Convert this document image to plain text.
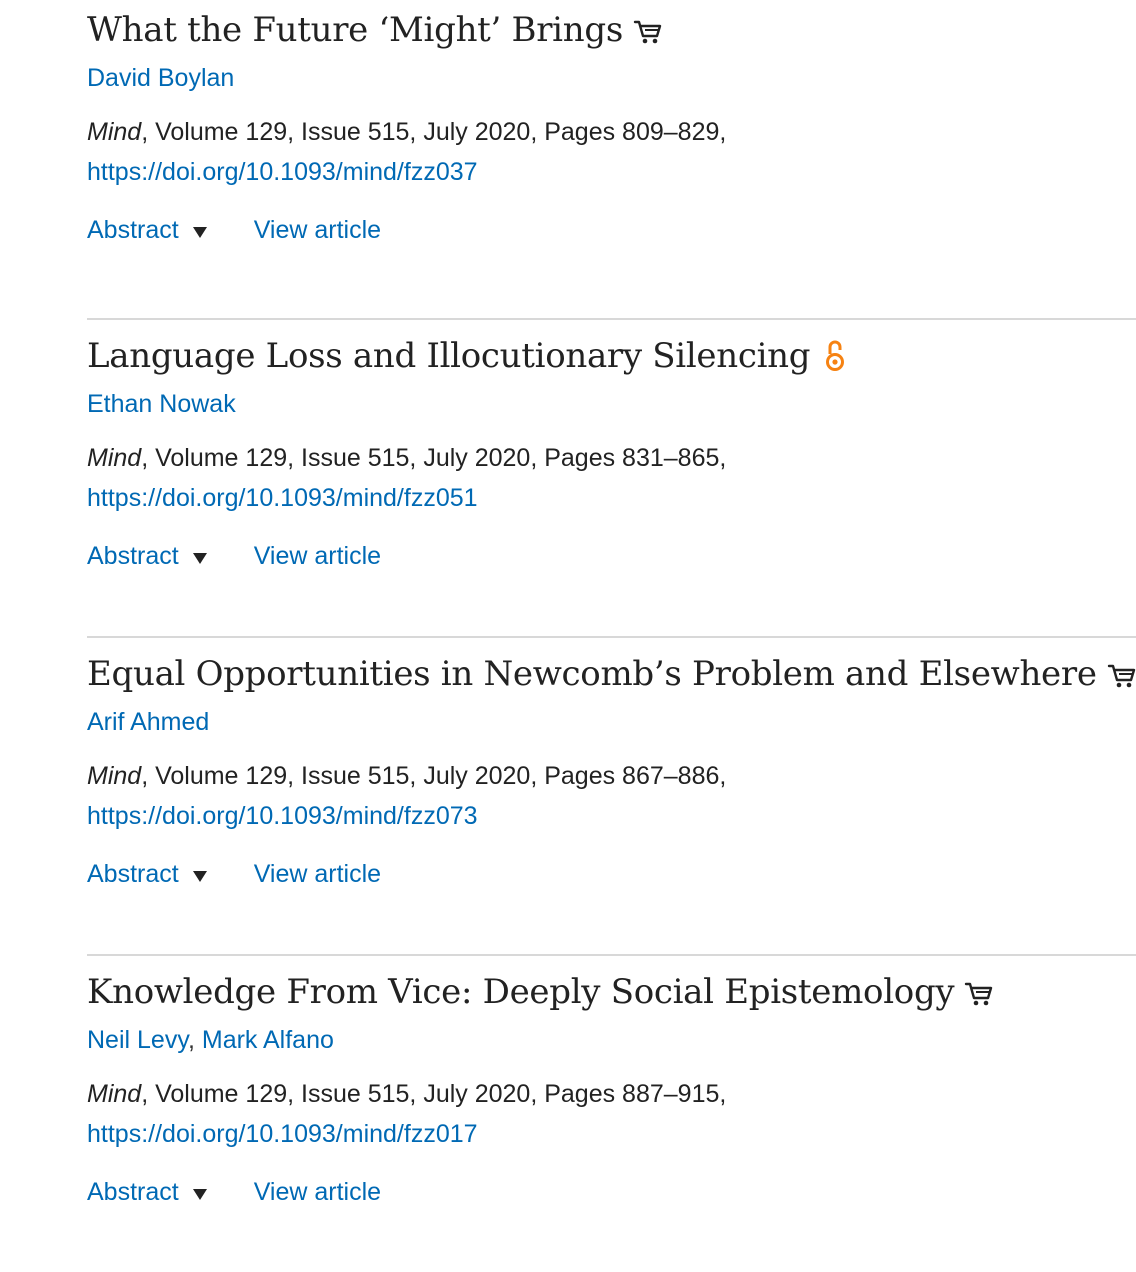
What the Future ‘Might’ Brings
David Boylan
Mind, Volume 129, Issue 515, July 2020, Pages 809–829,
https://doi.org/10.1093/mind/fzz037
Abstract	View article
Language Loss and Illocutionary Silencing
Ethan Nowak
Mind, Volume 129, Issue 515, July 2020, Pages 831–865,
https://doi.org/10.1093/mind/fzz051
Abstract	View article
Equal Opportunities in Newcomb’s Problem and Elsewhere
Arif Ahmed
Mind, Volume 129, Issue 515, July 2020, Pages 867–886,
https://doi.org/10.1093/mind/fzz073
Abstract	View article
Knowledge From Vice: Deeply Social Epistemology
Neil Levy, Mark Alfano
Mind, Volume 129, Issue 515, July 2020, Pages 887–915,
https://doi.org/10.1093/mind/fzz017
Abstract	View article
